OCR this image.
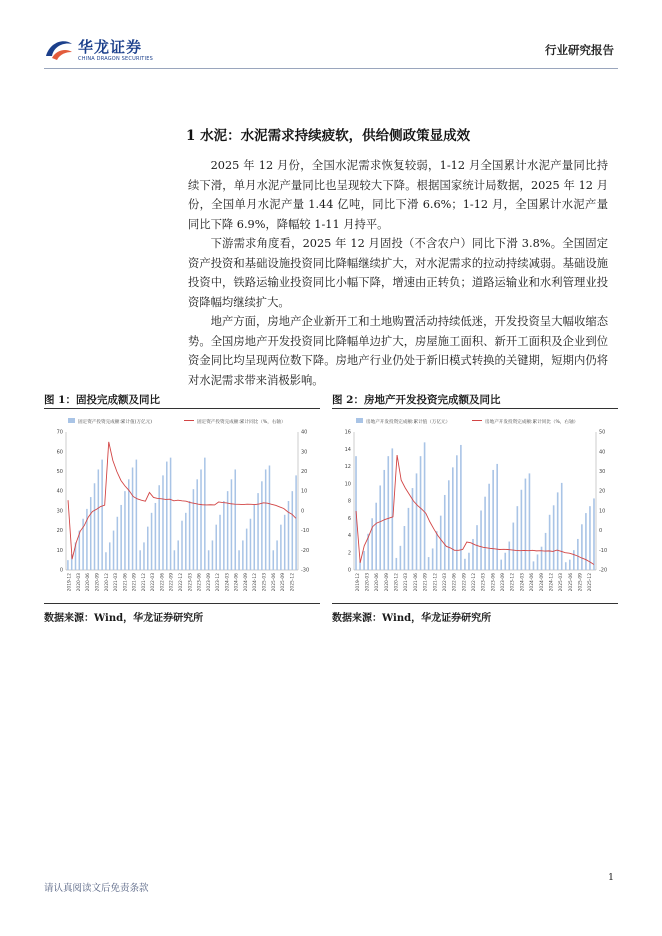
华龙证券
CHINA DRAGON SECURITIES
行业研究报告
1 水泥：水泥需求持续疲软，供给侧政策显成效

2025 年 12 月份，全国水泥需求恢复较弱，1-12 月全国累计水泥产量同比持续下滑，单月水泥产量同比也呈现较大下降。根据国家统计局数据，2025 年 12 月份，全国单月水泥产量 1.44 亿吨，同比下滑 6.6%；1-12 月，全国累计水泥产量同比下降 6.9%，降幅较 1-11 月持平。

下游需求角度看，2025 年 12 月固投（不含农户）同比下滑 3.8%。全国固定资产投资和基础设施投资同比降幅继续扩大，对水泥需求的拉动持续减弱。基础设施投资中，铁路运输业投资同比小幅下降，增速由正转负；道路运输业和水利管理业投资降幅均继续扩大。

地产方面，房地产企业新开工和土地购置活动持续低迷，开发投资呈大幅收缩态势。全国房地产开发投资同比降幅单边扩大，房屋施工面积、新开工面积及企业到位资金同比均呈现两位数下降。房地产行业仍处于新旧模式转换的关键期，短期内仍将对水泥需求带来消极影响。

图 1：固投完成额及同比
固定资产投资完成额:累计值(万亿元)	固定资产投资完成额:累计同比（%，右轴）
0
10
20
30
40
50
60
70
-30
-20
-10
0
10
20
30
40
2019-12 2020-03 2020-06 2020-09 2020-12 2021-03 2021-06 2021-09 2021-12 2022-03 2022-06 2022-09 2022-12 2023-03 2023-06 2023-09 2023-12 2024-03 2024-06 2024-09 2024-12 2025-03 2025-06 2025-09 2025-12
数据来源：Wind，华龙证券研究所
图 2：房地产开发投资完成额及同比
房地产开发投资完成额:累计值（万亿元）	房地产开发投资完成额:累计同比（%，右轴）
0
2
4
6
8
10
12
14
16
-20
-10
0
10
20
30
40
50
2019-12 2020-03 2020-06 2020-09 2020-12 2021-03 2021-06 2021-09 2021-12 2022-03 2022-06 2022-09 2022-12 2023-03 2023-06 2023-09 2023-12 2024-03 2024-06 2024-09 2024-12 2025-03 2025-06 2025-09 2025-12
数据来源：Wind，华龙证券研究所
1
请认真阅读文后免责条款
